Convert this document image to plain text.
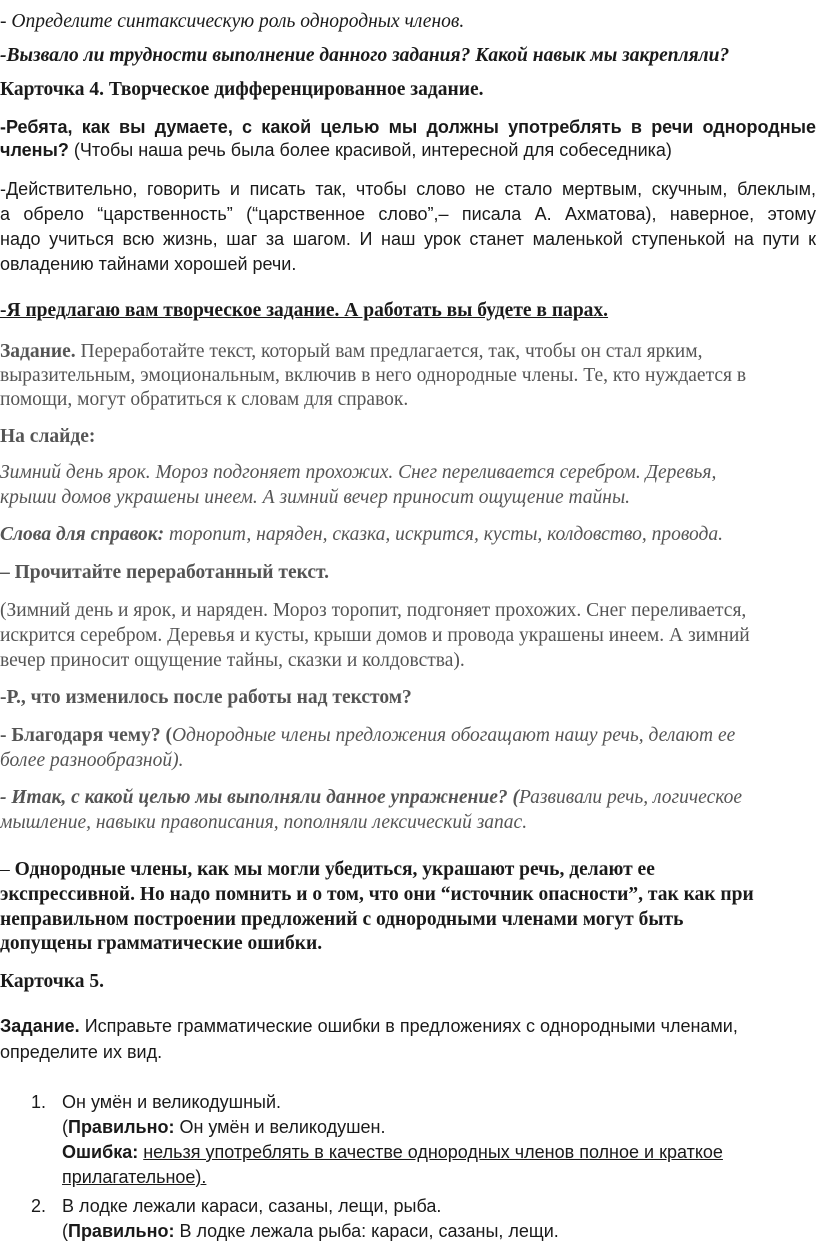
- Определите синтаксическую роль однородных членов.
-Вызвало ли трудности выполнение данного задания? Какой навык мы закрепляли?
Карточка 4. Творческое дифференцированное задание.
-Ребята, как вы думаете, с какой целью мы должны употреблять в речи однородные
члены? (Чтобы наша речь была более красивой, интересной для собеседника)
-Действительно, говорить и писать так, чтобы слово не стало мертвым, скучным, блеклым,
а обрело “царственность” (“царственное слово”,– писала А. Ахматова), наверное, этому
надо учиться всю жизнь, шаг за шагом. И наш урок станет маленькой ступенькой на пути к
овладению тайнами хорошей речи.
-Я предлагаю вам творческое задание. А работать вы будете в парах.
Задание. Переработайте текст, который вам предлагается, так, чтобы он стал ярким,
выразительным, эмоциональным, включив в него однородные члены. Те, кто нуждается в
помощи, могут обратиться к словам для справок.
На слайде:
Зимний день ярок. Мороз подгоняет прохожих. Снег переливается серебром. Деревья,
крыши домов украшены инеем. А зимний вечер приносит ощущение тайны.
Слова для справок: торопит, наряден, сказка, искрится, кусты, колдовство, провода.
– Прочитайте переработанный текст.
(Зимний день и ярок, и наряден. Мороз торопит, подгоняет прохожих. Снег переливается,
искрится серебром. Деревья и кусты, крыши домов и провода украшены инеем. А зимний
вечер приносит ощущение тайны, сказки и колдовства).
-Р., что изменилось после работы над текстом?
- Благодаря чему? (Однородные члены предложения обогащают нашу речь, делают ее
более разнообразной).
- Итак, с какой целью мы выполняли данное упражнение? (Развивали речь, логическое
мышление, навыки правописания, пополняли лексический запас.
– Однородные члены, как мы могли убедиться, украшают речь, делают ее
экспрессивной. Но надо помнить и о том, что они “источник опасности”, так как при
неправильном построении предложений с однородными членами могут быть
допущены грамматические ошибки.
Карточка 5.
Задание. Исправьте грамматические ошибки в предложениях с однородными членами,
определите их вид.
1. Он умён и великодушный.
(Правильно: Он умён и великодушен.
Ошибка: нельзя употреблять в качестве однородных членов полное и краткое
прилагательное).
2. В лодке лежали караси, сазаны, лещи, рыба.
(Правильно: В лодке лежала рыба: караси, сазаны, лещи.
